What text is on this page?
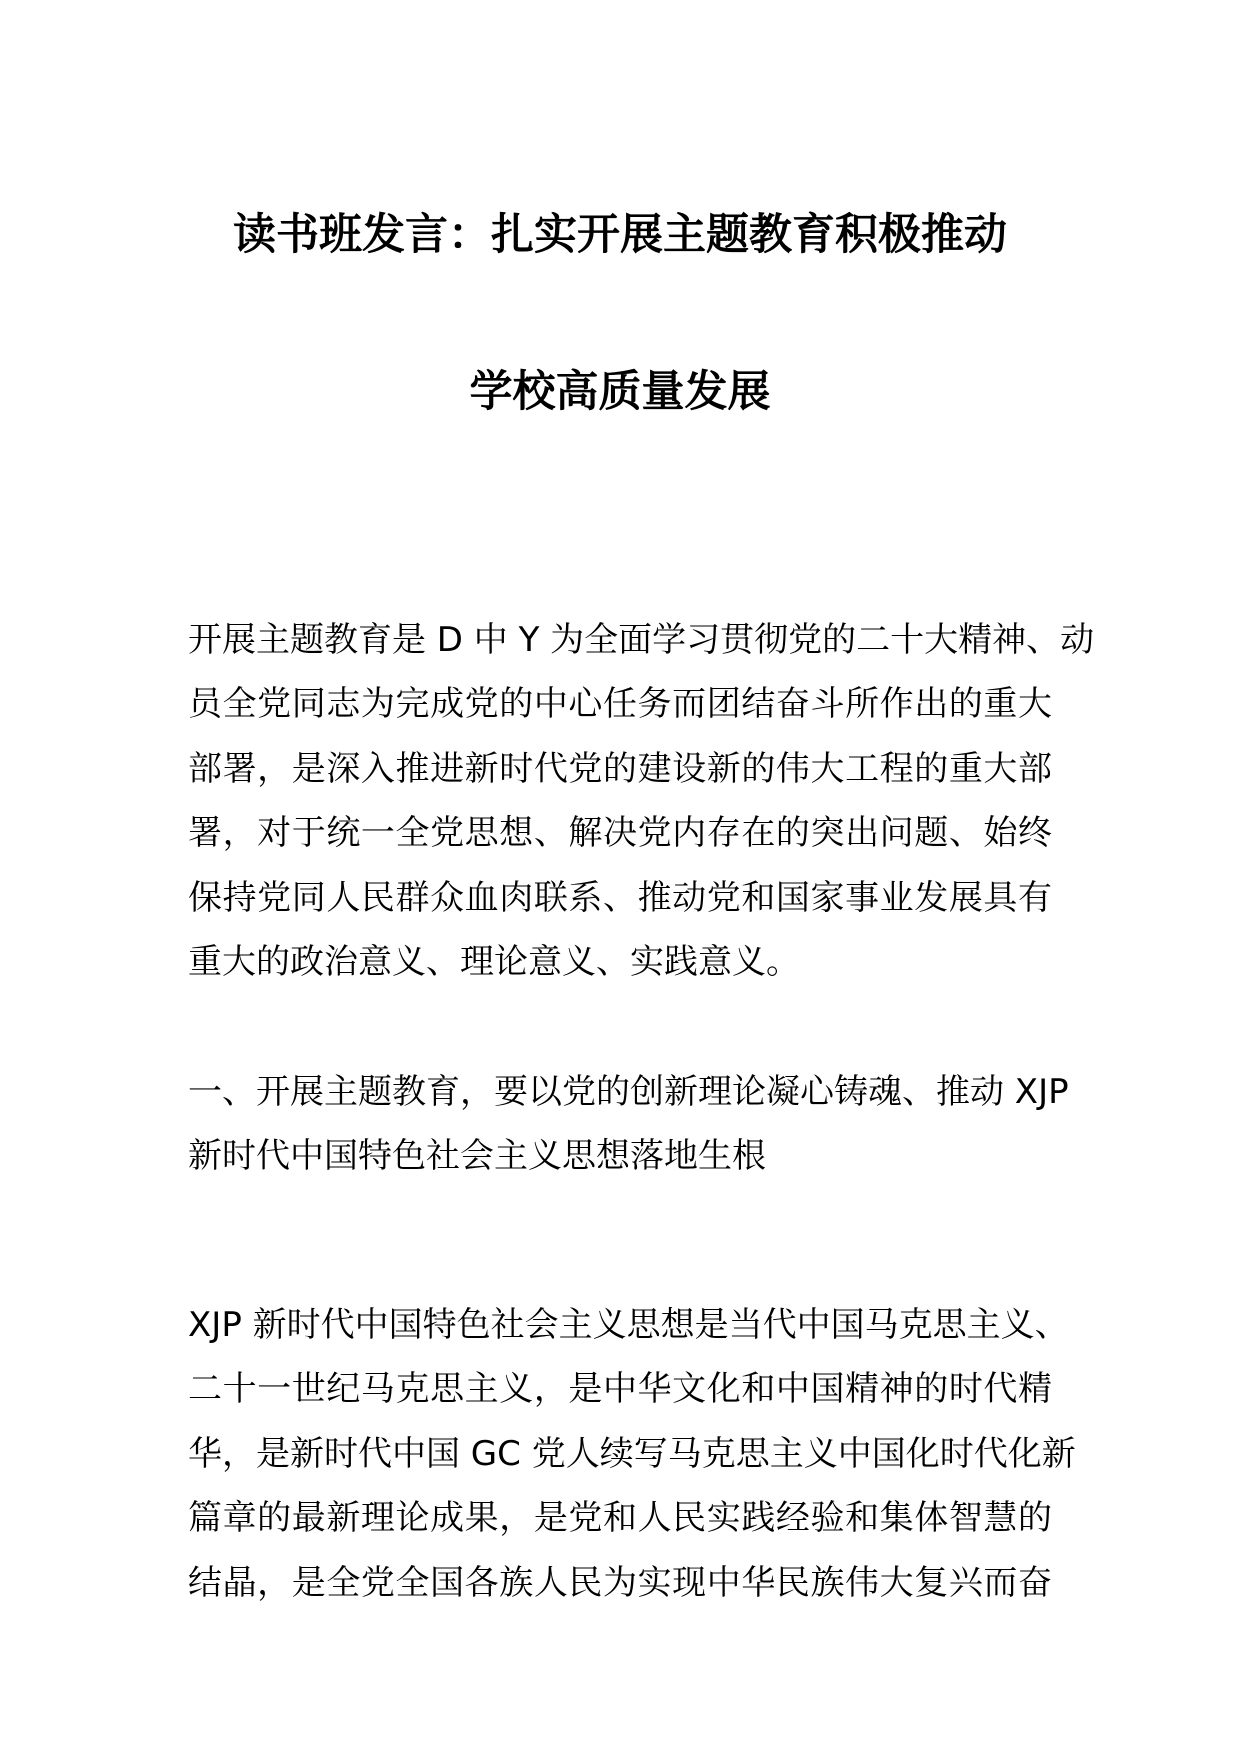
读书班发言：扎实开展主题教育积极推动
学校高质量发展

开展主题教育是 D 中 Y 为全面学习贯彻党的二十大精神、动
员全党同志为完成党的中心任务而团结奋斗所作出的重大
部署，是深入推进新时代党的建设新的伟大工程的重大部
署，对于统一全党思想、解决党内存在的突出问题、始终
保持党同人民群众血肉联系、推动党和国家事业发展具有
重大的政治意义、理论意义、实践意义。

一、开展主题教育，要以党的创新理论凝心铸魂、推动 XJP
新时代中国特色社会主义思想落地生根

XJP 新时代中国特色社会主义思想是当代中国马克思主义、
二十一世纪马克思主义，是中华文化和中国精神的时代精
华，是新时代中国 GC 党人续写马克思主义中国化时代化新
篇章的最新理论成果，是党和人民实践经验和集体智慧的
结晶，是全党全国各族人民为实现中华民族伟大复兴而奋
